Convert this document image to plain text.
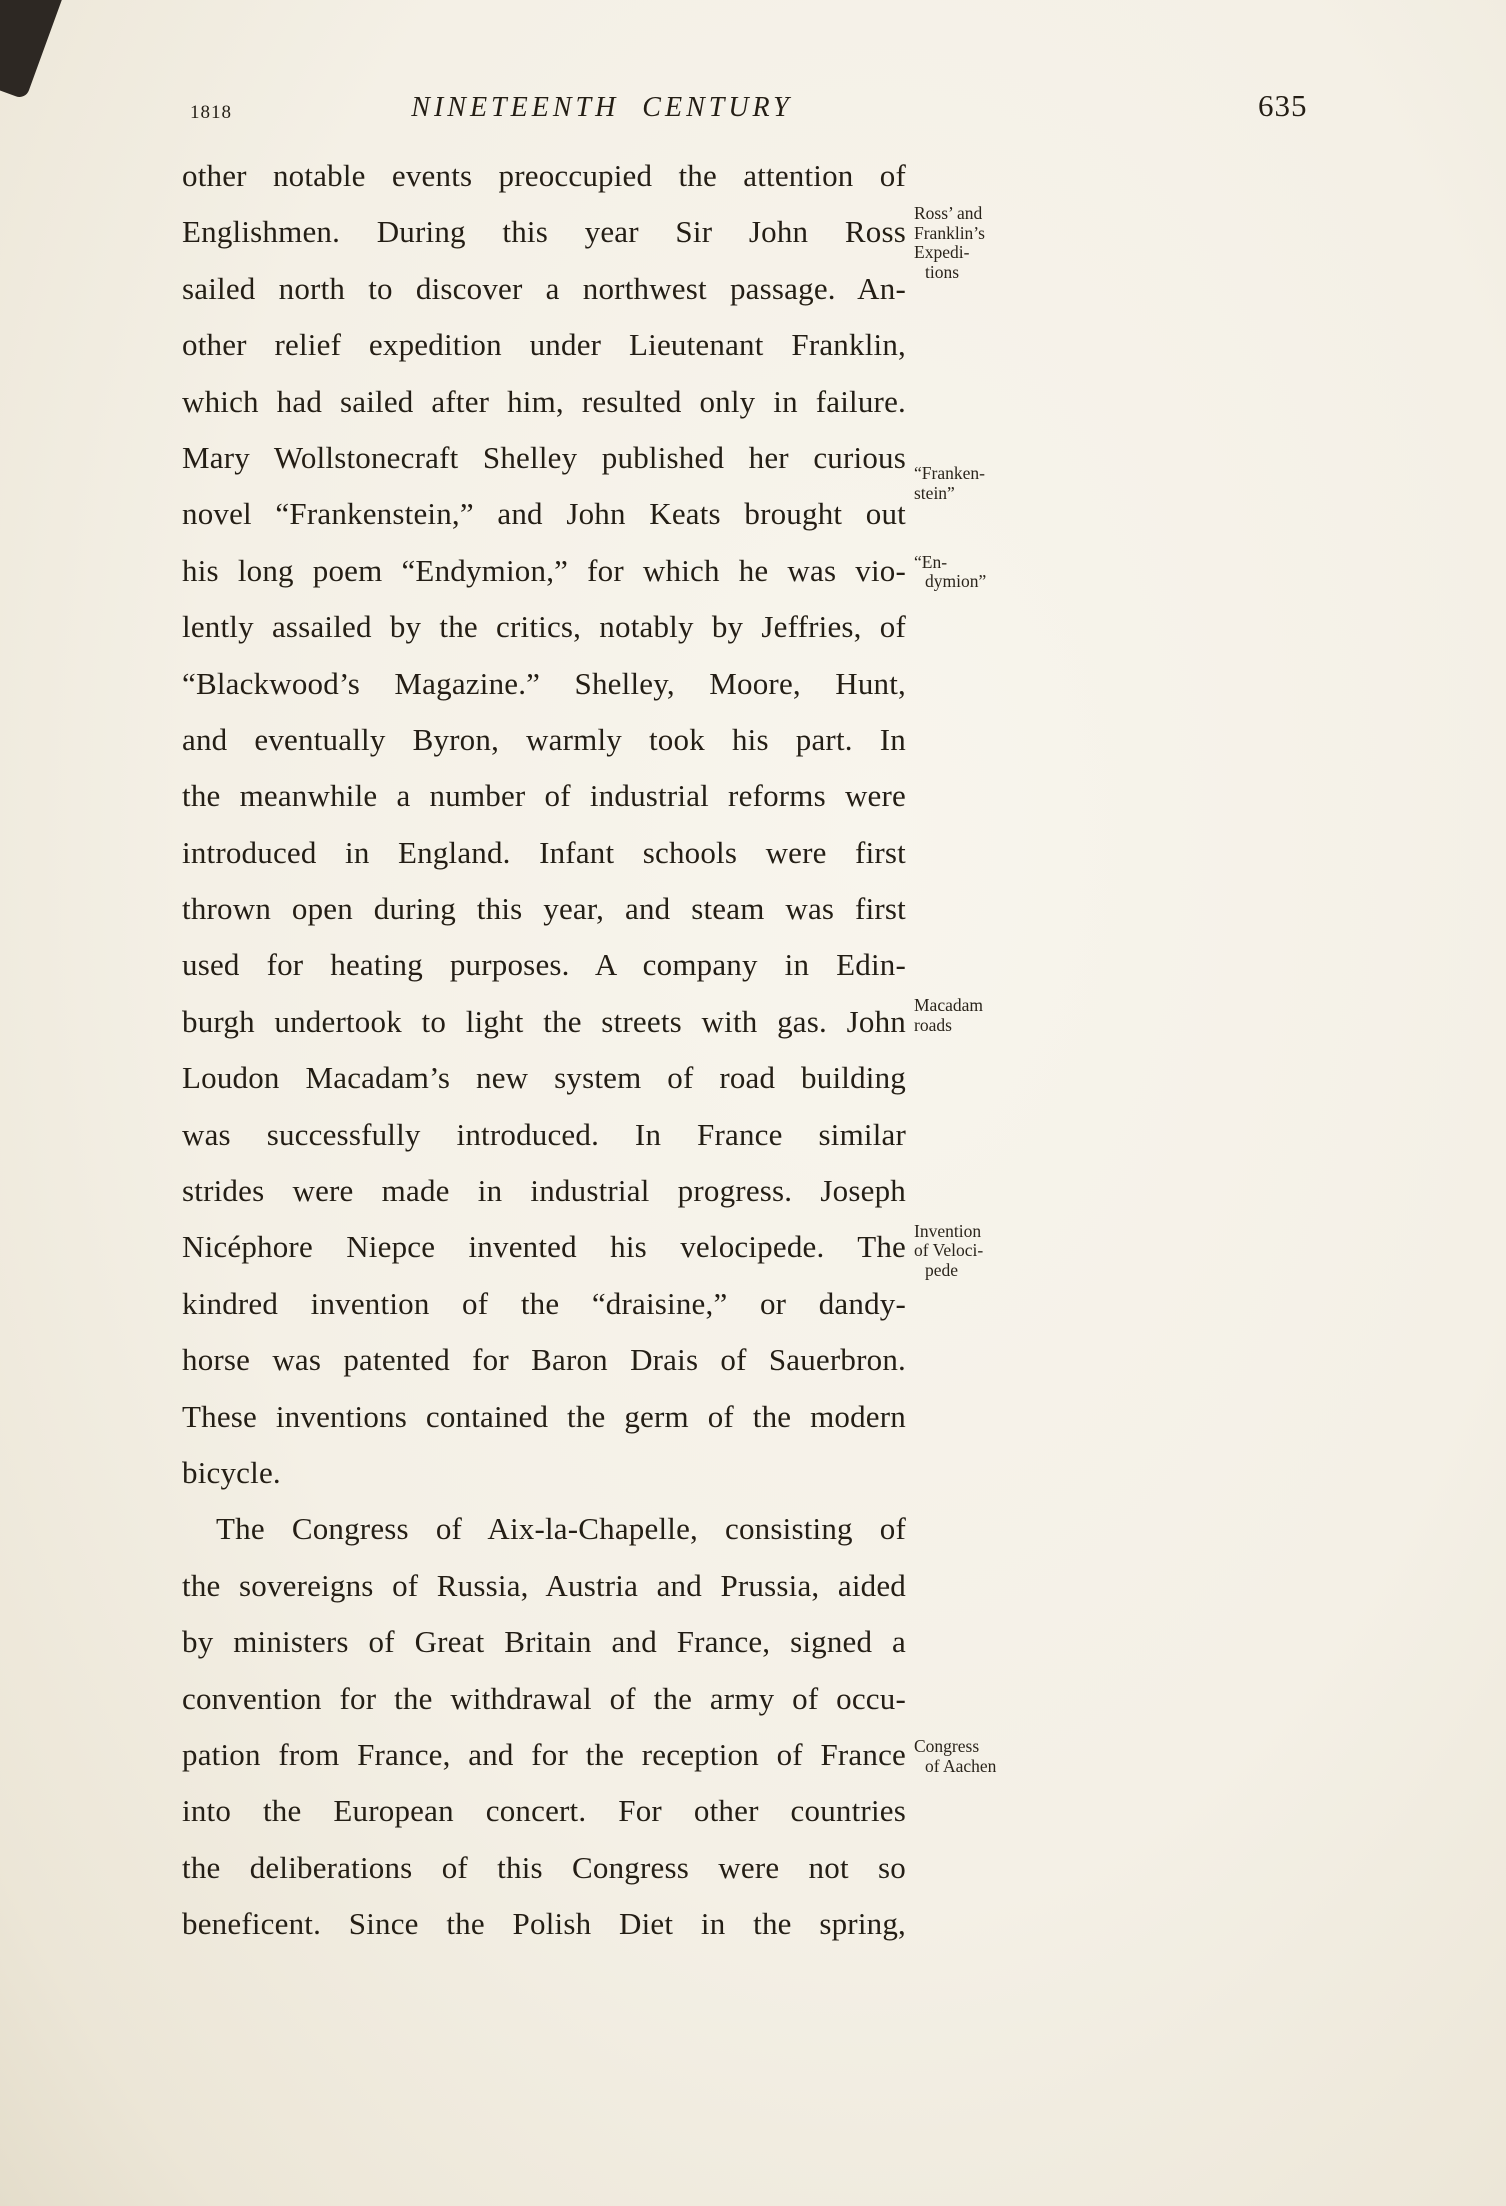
1818	NINETEENTH CENTURY	635
other notable events preoccupied the attention of
Englishmen. During this year Sir John Ross
sailed north to discover a northwest passage. An-
other relief expedition under Lieutenant Franklin,
which had sailed after him, resulted only in failure.
Mary Wollstonecraft Shelley published her curious
novel “Frankenstein,” and John Keats brought out
his long poem “Endymion,” for which he was vio-
lently assailed by the critics, notably by Jeffries, of
“Blackwood’s Magazine.” Shelley, Moore, Hunt,
and eventually Byron, warmly took his part. In
the meanwhile a number of industrial reforms were
introduced in England. Infant schools were first
thrown open during this year, and steam was first
used for heating purposes. A company in Edin-
burgh undertook to light the streets with gas. John
Loudon Macadam’s new system of road building
was successfully introduced. In France similar
strides were made in industrial progress. Joseph
Nicéphore Niepce invented his velocipede. The
kindred invention of the “draisine,” or dandy-
horse was patented for Baron Drais of Sauerbron.
These inventions contained the germ of the modern
bicycle.
The Congress of Aix-la-Chapelle, consisting of
the sovereigns of Russia, Austria and Prussia, aided
by ministers of Great Britain and France, signed a
convention for the withdrawal of the army of occu-
pation from France, and for the reception of France
into the European concert. For other countries
the deliberations of this Congress were not so
beneficent. Since the Polish Diet in the spring,
Ross’ and
Franklin’s
Expedi-
tions
“Franken-
stein”
“En-
dymion”
Macadam
roads
Invention
of Veloci-
pede
Congress
of Aachen
